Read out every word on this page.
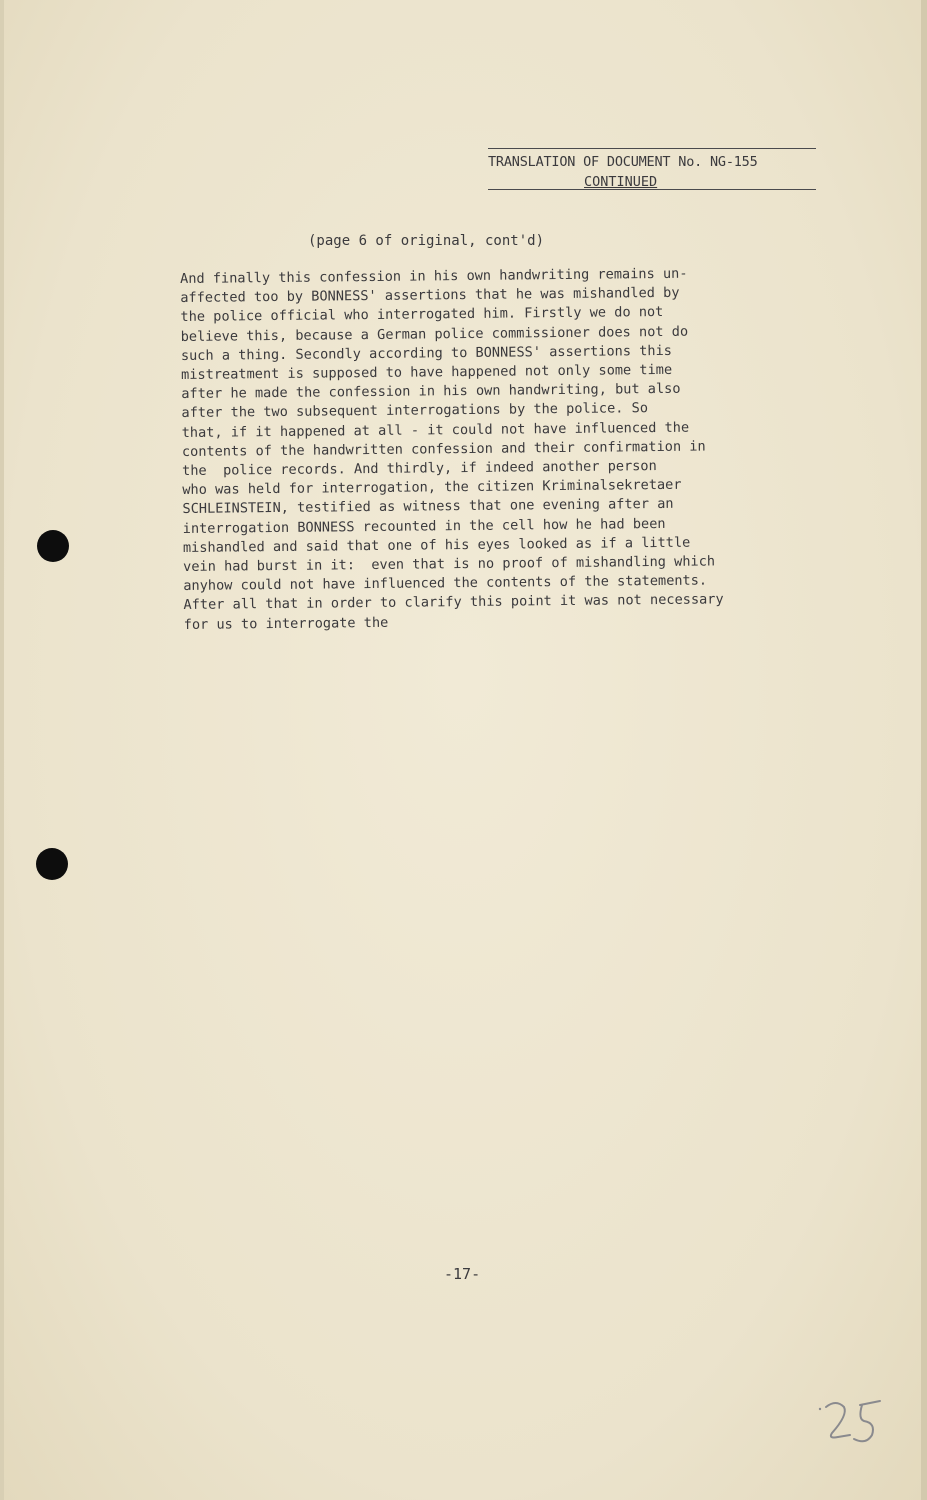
TRANSLATION OF DOCUMENT No. NG-155
CONTINUED
(page 6 of original, cont'd)
And finally this confession in his own handwriting remains un-
affected too by BONNESS' assertions that he was mishandled by
the police official who interrogated him. Firstly we do not
believe this, because a German police commissioner does not do
such a thing. Secondly according to BONNESS' assertions this
mistreatment is supposed to have happened not only some time
after he made the confession in his own handwriting, but also
after the two subsequent interrogations by the police. So
that, if it happened at all - it could not have influenced the
contents of the handwritten confession and their confirmation in
the  police records. And thirdly, if indeed another person
who was held for interrogation, the citizen Kriminalsekretaer
SCHLEINSTEIN, testified as witness that one evening after an
interrogation BONNESS recounted in the cell how he had been
mishandled and said that one of his eyes looked as if a little
vein had burst in it:  even that is no proof of mishandling which
anyhow could not have influenced the contents of the statements.
After all that in order to clarify this point it was not necessary
for us to interrogate the
-17-
